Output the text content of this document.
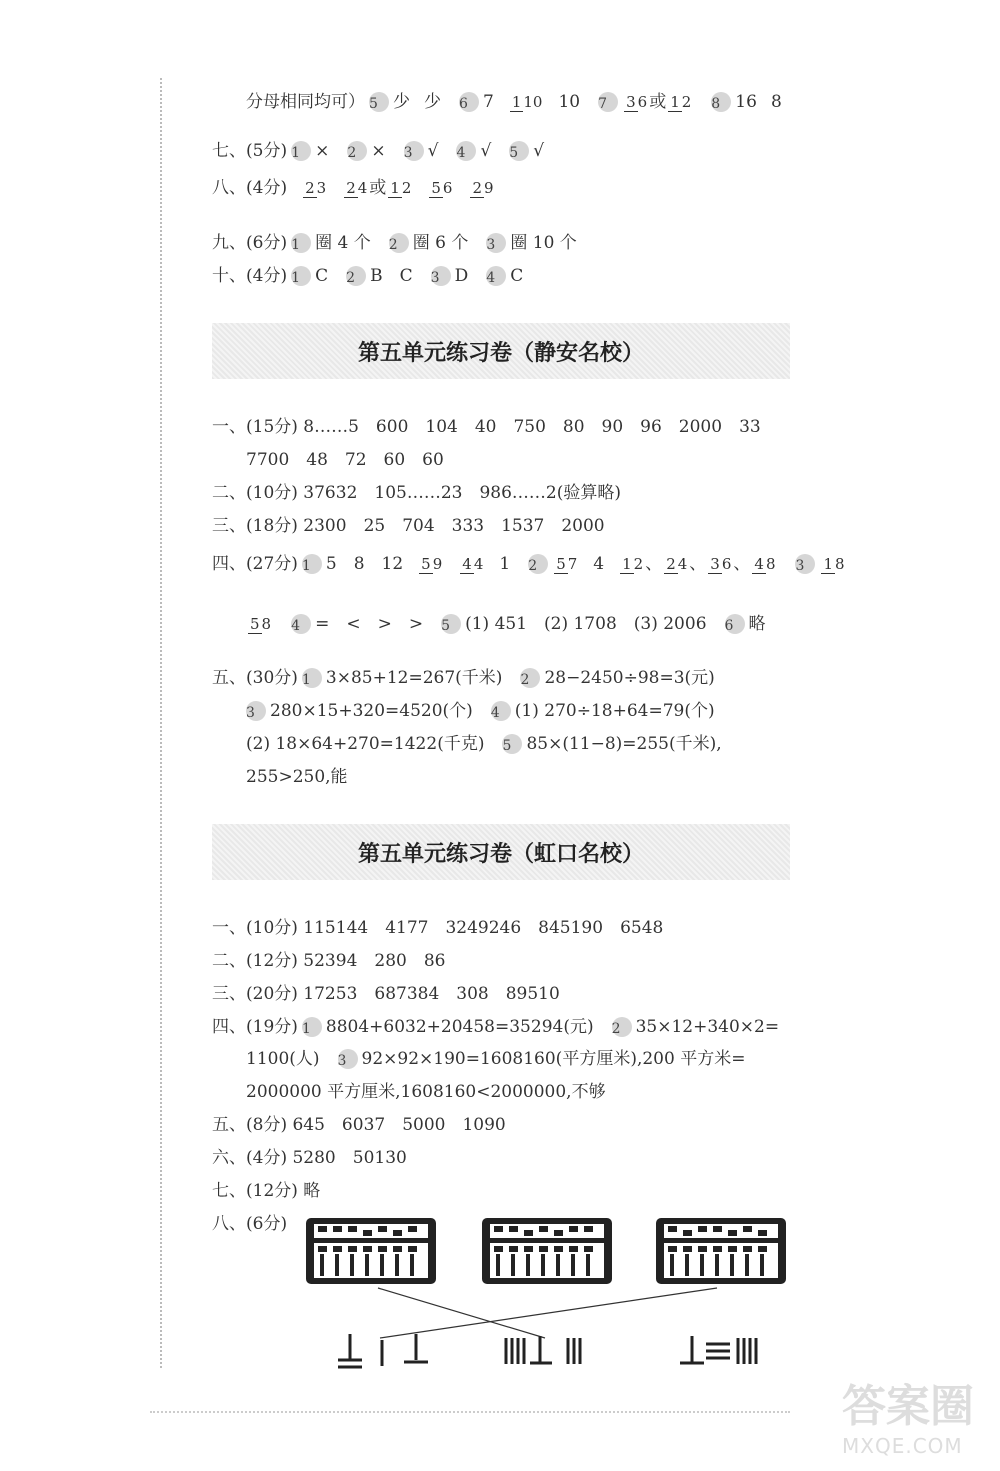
分母相同均可） 5 少 少 6 7 1 10 10 7	3 6 或 1 2 8 16 8
七、(5分) 1 × 2 × 3 √ 4 √ 5 √
八、(4分) 2 3 2 4 或 1 2 5 6 2 9
九、(6分) 1 圈 4 个 2 圈 6 个 3 圈 10 个
十、(4分) 1 C 2 B　C 3 D 4 C
第五单元练习卷（静安名校）
一、(15分) 8……5　600　104　40　750　80　90　96　2000　33
7700　48　72　60　60
二、(10分) 37632　105……23　986……2(验算略)
三、(18分) 2300　25　704　333　1537　2000
四、(27分) 1 5　8　12 5 9 4 4 1 2	5 7 4 1 2 、 2 4 、 3 6 、 4 8 3	1 8
5 8 4 =　<　>　> 5 (1) 451　(2) 1708　(3) 2006 6 略
五、(30分) 1 3×85+12=267(千米) 2 28−2450÷98=3(元)
3 280×15+320=4520(个) 4 (1) 270÷18+64=79(个)
(2) 18×64+270=1422(千克) 5 85×(11−8)=255(千米),
255>250,能
第五单元练习卷（虹口名校）
一、(10分) 115144　4177　3249246　845190　6548
二、(12分) 52394　280　86
三、(20分) 17253　687384　308　89510
四、(19分) 1 8804+6032+20458=35294(元) 2 35×12+340×2=
1100(人) 3 92×92×190=1608160(平方厘米),200 平方米=
2000000 平方厘米,1608160<2000000,不够
五、(8分) 645　6037　5000　1090
六、(4分) 5280　50130
七、(12分) 略
八、(6分)
答案圈
MXQE.COM
